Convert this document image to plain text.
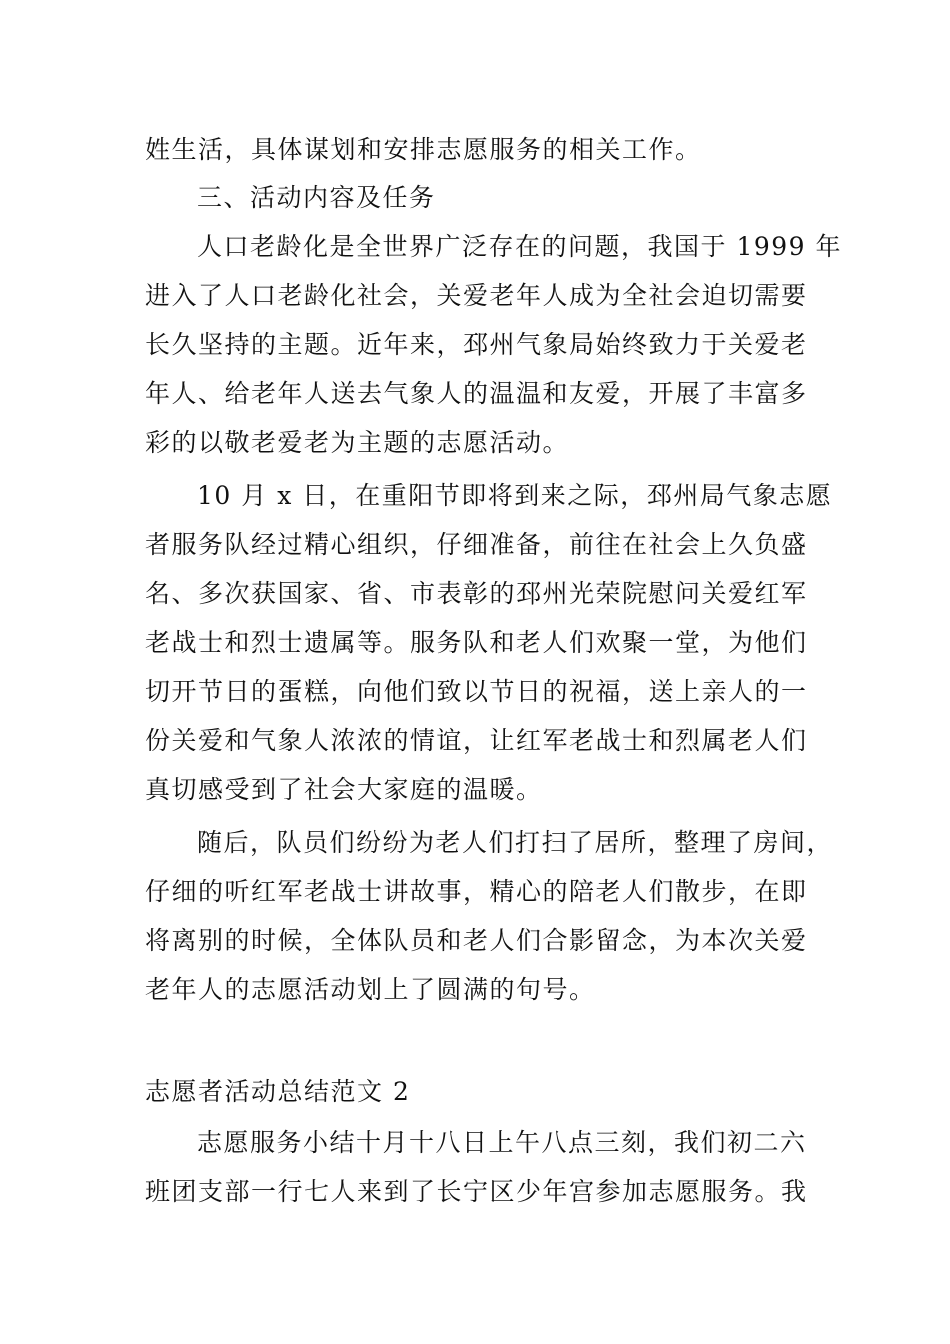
姓生活，具体谋划和安排志愿服务的相关工作。
三、活动内容及任务
人口老龄化是全世界广泛存在的问题，我国于 1999 年
进入了人口老龄化社会，关爱老年人成为全社会迫切需要
长久坚持的主题。近年来，邳州气象局始终致力于关爱老
年人、给老年人送去气象人的温温和友爱，开展了丰富多
彩的以敬老爱老为主题的志愿活动。
10 月 x 日，在重阳节即将到来之际，邳州局气象志愿
者服务队经过精心组织，仔细准备，前往在社会上久负盛
名、多次获国家、省、市表彰的邳州光荣院慰问关爱红军
老战士和烈士遗属等。服务队和老人们欢聚一堂，为他们
切开节日的蛋糕，向他们致以节日的祝福，送上亲人的一
份关爱和气象人浓浓的情谊，让红军老战士和烈属老人们
真切感受到了社会大家庭的温暖。
随后，队员们纷纷为老人们打扫了居所，整理了房间，
仔细的听红军老战士讲故事，精心的陪老人们散步，在即
将离别的时候，全体队员和老人们合影留念，为本次关爱
老年人的志愿活动划上了圆满的句号。
志愿者活动总结范文 2
志愿服务小结十月十八日上午八点三刻，我们初二六
班团支部一行七人来到了长宁区少年宫参加志愿服务。我
